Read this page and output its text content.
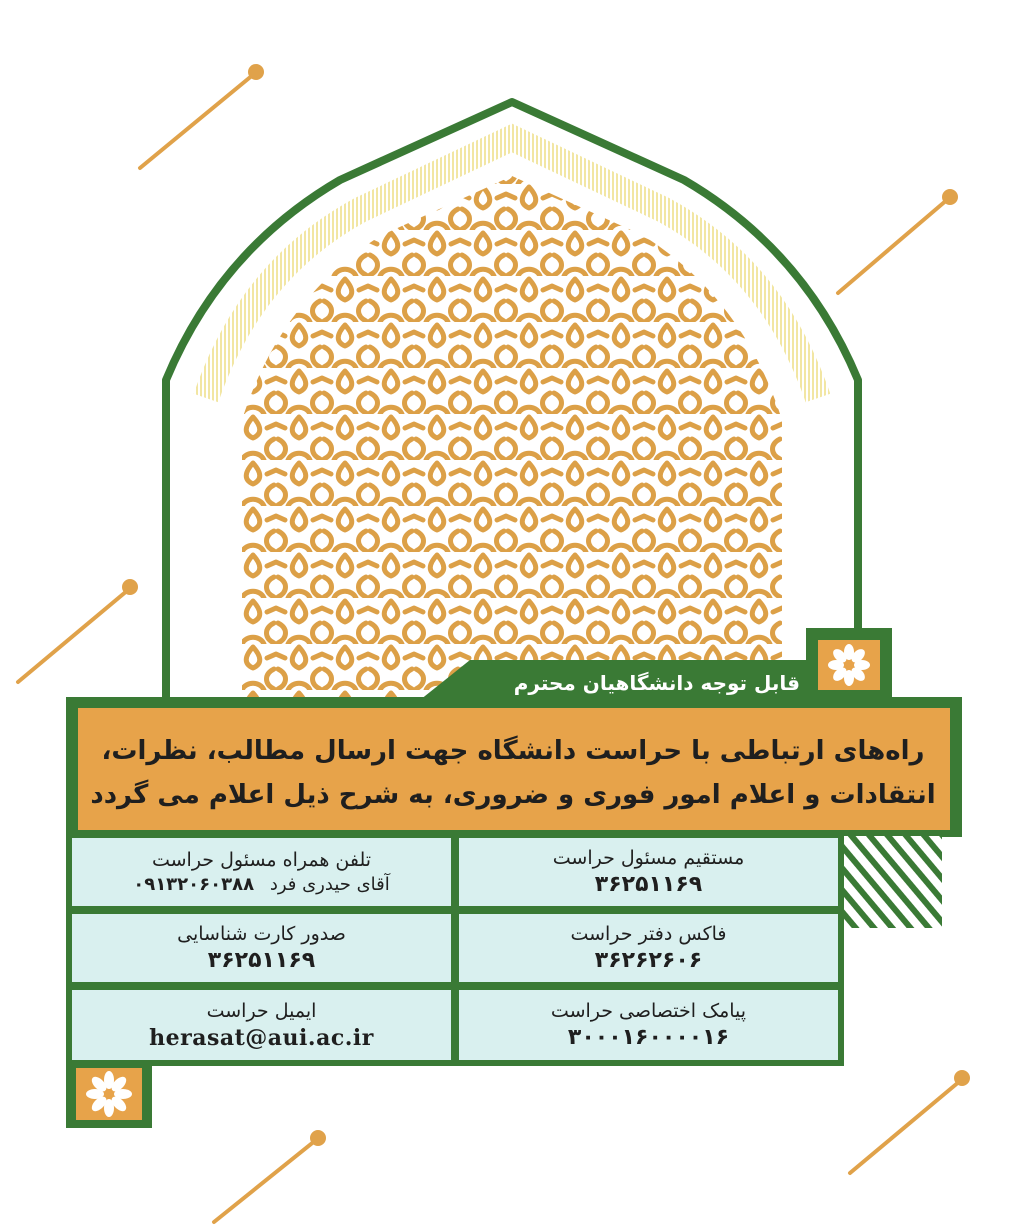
قابل توجه دانشگاهیان محترم
راه‌های ارتباطی با حراست دانشگاه جهت ارسال مطالب، نظرات،
انتقادات و اعلام امور فوری و ضروری، به شرح ذیل اعلام می گردد
مستقیم مسئول حراست
۳۶۲۵۱۱۶۹
فاکس دفتر حراست
۳۶۲۶۲۶۰۶
پیامک اختصاصی حراست
۳۰۰۰۱۶۰۰۰۰۱۶
تلفن همراه مسئول حراست
آقای حیدری فرد ۰۹۱۳۲۰۶۰۳۸۸
صدور کارت شناسایی
۳۶۲۵۱۱۶۹
ایمیل حراست
herasat@aui.ac.ir
